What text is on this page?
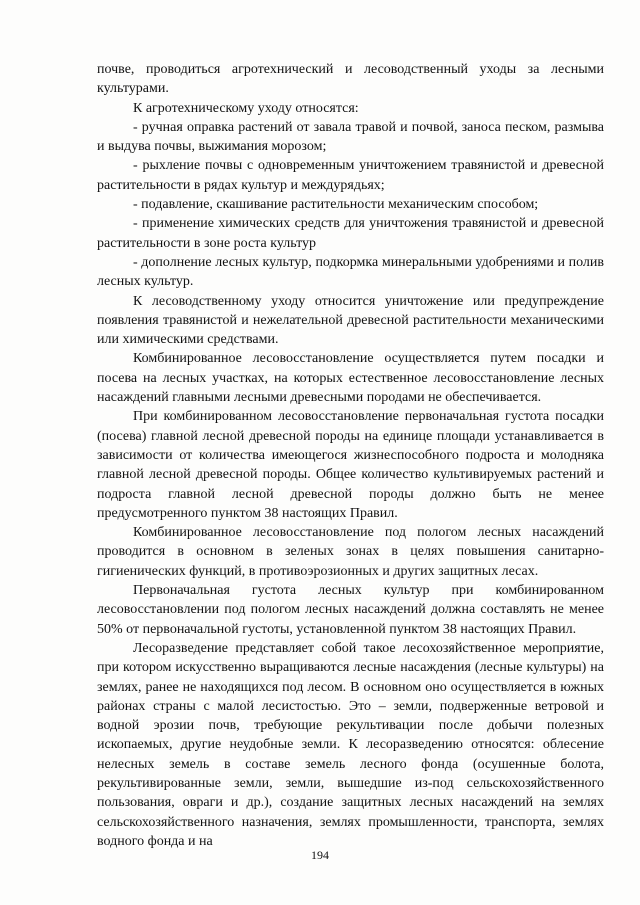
почве, проводиться агротехнический и лесоводственный уходы за лесными культурами.

К агротехническому уходу относятся:

- ручная оправка растений от завала травой и почвой, заноса песком, размыва и выдува почвы, выжимания морозом;

- рыхление почвы с одновременным уничтожением травянистой и древесной растительности в рядах культур и междурядьях;

- подавление, скашивание растительности механическим способом;

- применение химических средств для уничтожения травянистой и древесной растительности в зоне роста культур

- дополнение лесных культур, подкормка минеральными удобрениями и полив лесных культур.

К лесоводственному уходу относится уничтожение или предупреждение появления травянистой и нежелательной древесной растительности механическими или химическими средствами.

Комбинированное лесовосстановление осуществляется путем посадки и посева на лесных участках, на которых естественное лесовосстановление лесных насаждений главными лесными древесными породами не обеспечивается.

При комбинированном лесовосстановление первоначальная густота посадки (посева) главной лесной древесной породы на единице площади устанавливается в зависимости от количества имеющегося жизнеспособного подроста и молодняка главной лесной древесной породы. Общее количество культивируемых растений и подроста главной лесной древесной породы должно быть не менее предусмотренного пунктом 38 настоящих Правил.

Комбинированное лесовосстановление под пологом лесных насаждений проводится в основном в зеленых зонах в целях повышения санитарно-гигиенических функций, в противоэрозионных и других защитных лесах.

Первоначальная густота лесных культур при комбинированном лесовосстановлении под пологом лесных насаждений должна составлять не менее 50% от первоначальной густоты, установленной пунктом 38 настоящих Правил.

Лесоразведение представляет собой такое лесохозяйственное мероприятие, при котором искусственно выращиваются лесные насаждения (лесные культуры) на землях, ранее не находящихся под лесом. В основном оно осуществляется в южных районах страны с малой лесистостью. Это – земли, подверженные ветровой и водной эрозии почв, требующие рекультивации после добычи полезных ископаемых, другие неудобные земли. К лесоразведению относятся: облесение нелесных земель в составе земель лесного фонда (осушенные болота, рекультивированные земли, земли, вышедшие из-под сельскохозяйственного пользования, овраги и др.), создание защитных лесных насаждений на землях сельскохозяйственного назначения, землях промышленности, транспорта, землях водного фонда и на

194
